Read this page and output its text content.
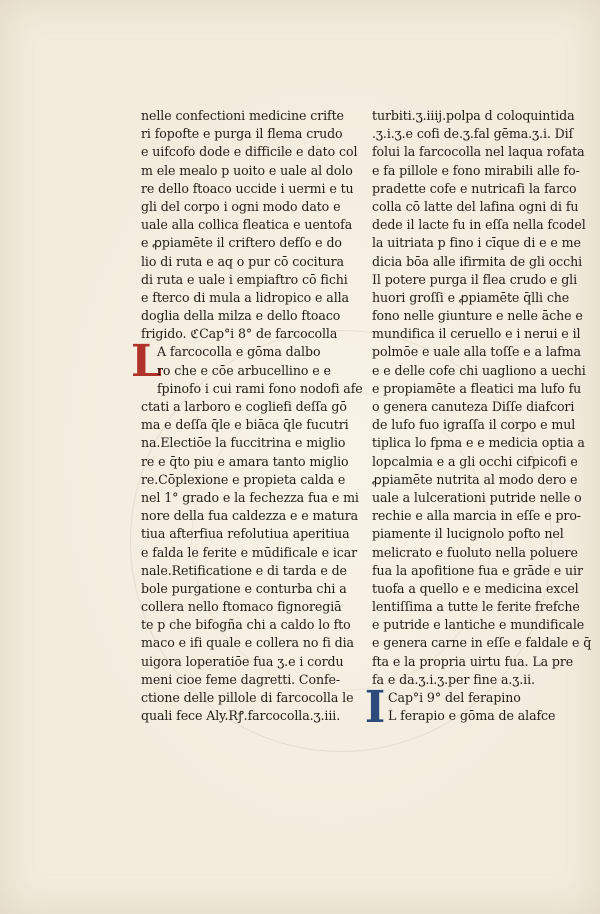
nelle confectioni medicine crifte
ri fopofte e purga il flema crudo
e uifcofo dode e difficile e dato col
m ele mealo p uoito e uale al dolo
re dello ftoaco uccide i uermi e tu
gli del corpo i ogni modo dato e
uale alla collica fleatica e uentofa
e ꝓpiamēte il criftero defſo e do
lio di ruta e aq o pur cō cocitura
di ruta e uale i empiaftro cō fichi
e fterco di mula a lidropico e alla
doglia della milza e dello ftoaco
frigido. ℭCap°i 8° de farcocolla
L
A farcocolla e gōma dalbo
ro che e cōe arbucellino e e
fpinofo i cui rami fono nodofi afe
ctati a larboro e cogliefi deſſa gō
ma e deſſa q̄le e biāca q̄le fucutri
na.Electiōe la fuccitrina e miglio
re e q̄to piu e amara tanto miglio
re.Cōplexione e propieta calda e
nel 1° grado e la fechezza fua e mi
nore della fua caldezza e e matura
tiua afterfiua refolutiua aperitiua
e falda le ferite e mūdificale e icar
nale.Retificatione e di tarda e de
bole purgatione e conturba chi a
collera nello ftomaco fignoregiā
te p che bifogña chi a caldo lo fto
maco e ifi quale e collera no fi dia
uigora loperatiōe fua ʒ.e i cordu
meni cioe feme dagretti. Confe-
ctione delle pillole di farcocolla le
quali fece Aly.Rꝭ.farcocolla.ʒ.iii.
turbiti.ʒ.iiij.polpa d coloquintida
.ʒ.i.ʒ.e cofi de.ʒ.fal gēma.ʒ.i. Diſ
folui la farcocolla nel laqua rofata
e fa pillole e fono mirabili alle fo-
pradette cofe e nutricafi la farco
colla cō latte del lafina ogni di fu
dede il lacte fu in eſſa nella fcodel
la uitriata p fino i cīque di e e me
dicia bōa alle ifirmita de gli occhi
Il potere purga il flea crudo e gli
huori groſſi e ꝓpiamēte q̄lli che
fono nelle giunture e nelle āche e
mundifica il ceruello e i nerui e il
polmōe e uale alla toſſe e a lafma
e e delle cofe chi uagliono a uechi
e propiamēte a fleatici ma lufo fu
o genera canuteza Diſſe diafcori
de lufo fuo igraſſa il corpo e mul
tiplica lo fpma e e medicia optia a
lopcalmia e a gli occhi cifpicofi e
ꝓpiamēte nutrita al modo dero e
uale a lulcerationi putride nelle o
rechie e alla marcia in eſſe e pro-
piamente il lucignolo pofto nel
melicrato e fuoluto nella poluere
fua la apofitione fua e grāde e uir
tuofa a quello e e medicina excel
lentiſſima a tutte le ferite frefche
e putride e lantiche e mundificale
e genera carne in eſſe e faldale e q̄
fta e la propria uirtu fua. La pre
fa e da.ʒ.i.ʒ.per fine a.ʒ.ii.
I Cap°i 9° del ferapino
L ferapio e gōma de alafce
